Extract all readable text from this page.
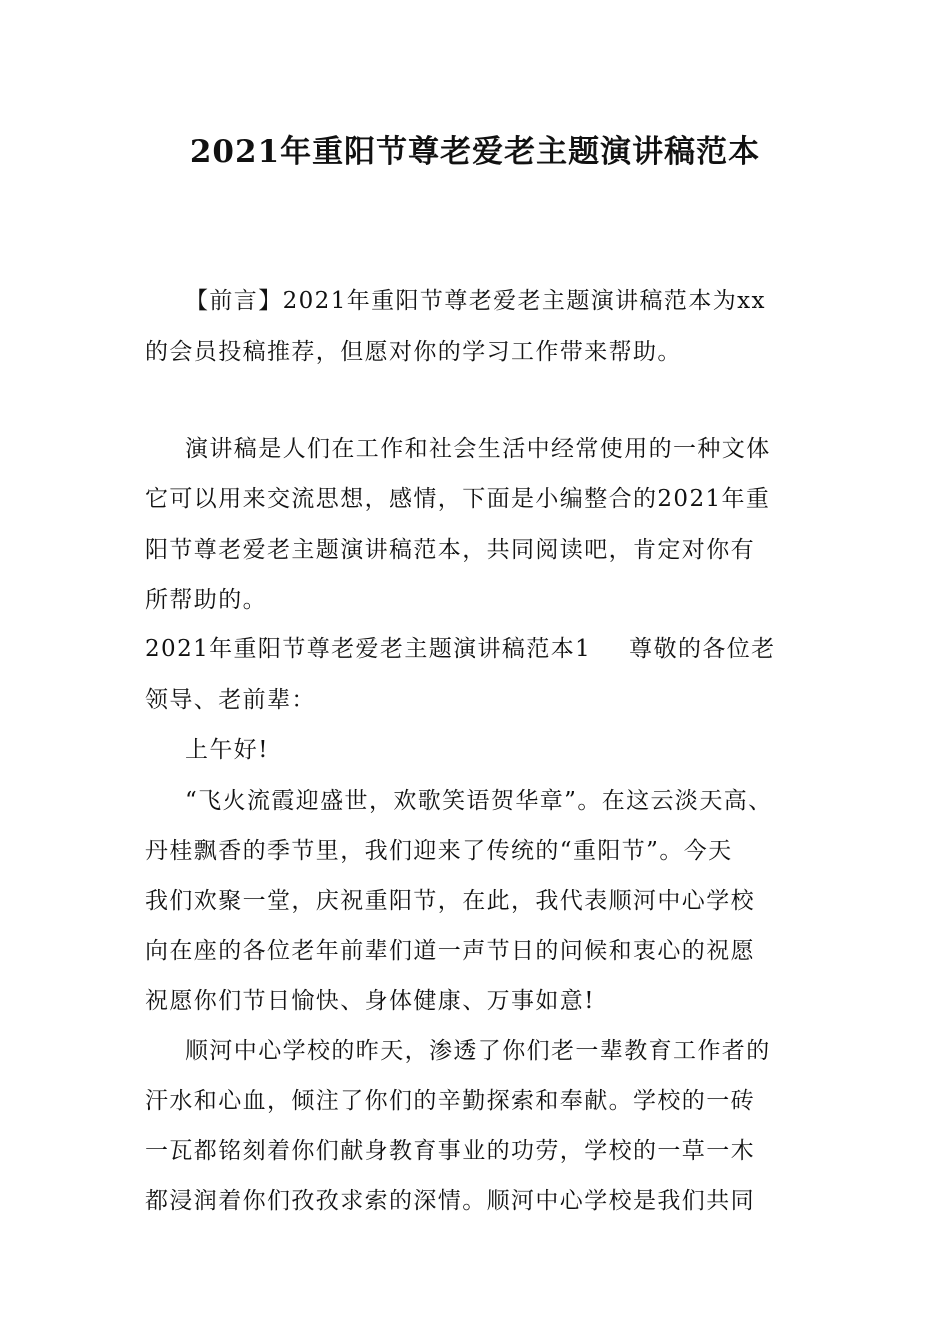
2021年重阳节尊老爱老主题演讲稿范本
【前言】2021年重阳节尊老爱老主题演讲稿范本为xx
的会员投稿推荐，但愿对你的学习工作带来帮助。
演讲稿是人们在工作和社会生活中经常使用的一种文体
它可以用来交流思想，感情，下面是小编整合的2021年重
阳节尊老爱老主题演讲稿范本，共同阅读吧，肯定对你有
所帮助的。
2021年重阳节尊老爱老主题演讲稿范本1 尊敬的各位老
领导、老前辈：
上午好!
“飞火流霞迎盛世，欢歌笑语贺华章”。在这云淡天高、
丹桂飘香的季节里，我们迎来了传统的“重阳节”。今天
我们欢聚一堂，庆祝重阳节，在此，我代表顺河中心学校
向在座的各位老年前辈们道一声节日的问候和衷心的祝愿
祝愿你们节日愉快、身体健康、万事如意!
顺河中心学校的昨天，渗透了你们老一辈教育工作者的
汗水和心血，倾注了你们的辛勤探索和奉献。学校的一砖
一瓦都铭刻着你们献身教育事业的功劳，学校的一草一木
都浸润着你们孜孜求索的深情。顺河中心学校是我们共同
